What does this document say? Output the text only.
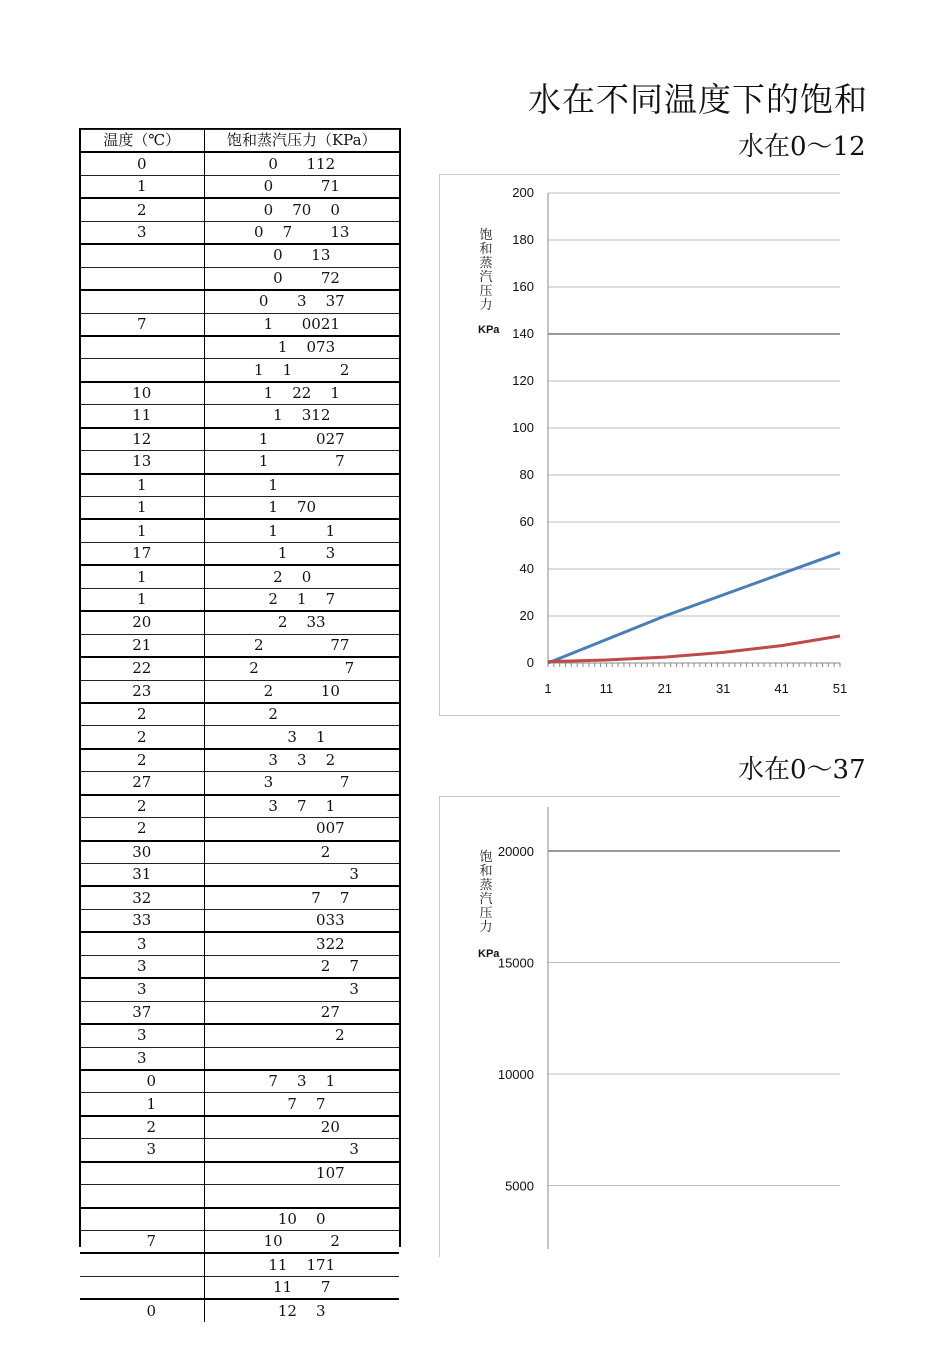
水在不同温度下的饱和
温度（℃）	饱和蒸汽压力（KPa）
0	0      112
1	0          71
2	0    70    0
3	0    7        13
	0      13
	0        72
	0      3    37
7	1      0021
	1    073
	1    1          2
10	1    22    1
11	1    312
12	1          027
13	1              7
1	1
1	1    70
1	1          1
17	1        3
1	2    0
1	2    1    7
20	2    33
21	2              77
22	2                  7
23	2          10
2	2
2	3    1
2	3    3    2
27	3              7
2	3    7    1
2	007
30	2
31	3
32	7    7
33	033
3	322
3	2    7
3	3
37	27
3	2
3	
0	7    3    1
1	7    7
2	20
3	3
	107

	10    0
7	10          2
	11    171
	11      7
0	12    3
水在0～12
0
20
40
60
80
100
120
140
160
180
200
1	11	21	31	41	51
饱
和
蒸
汽
压
力
KPa
水在0～37
5000
10000
15000
20000
饱
和
蒸
汽
压
力
KPa
